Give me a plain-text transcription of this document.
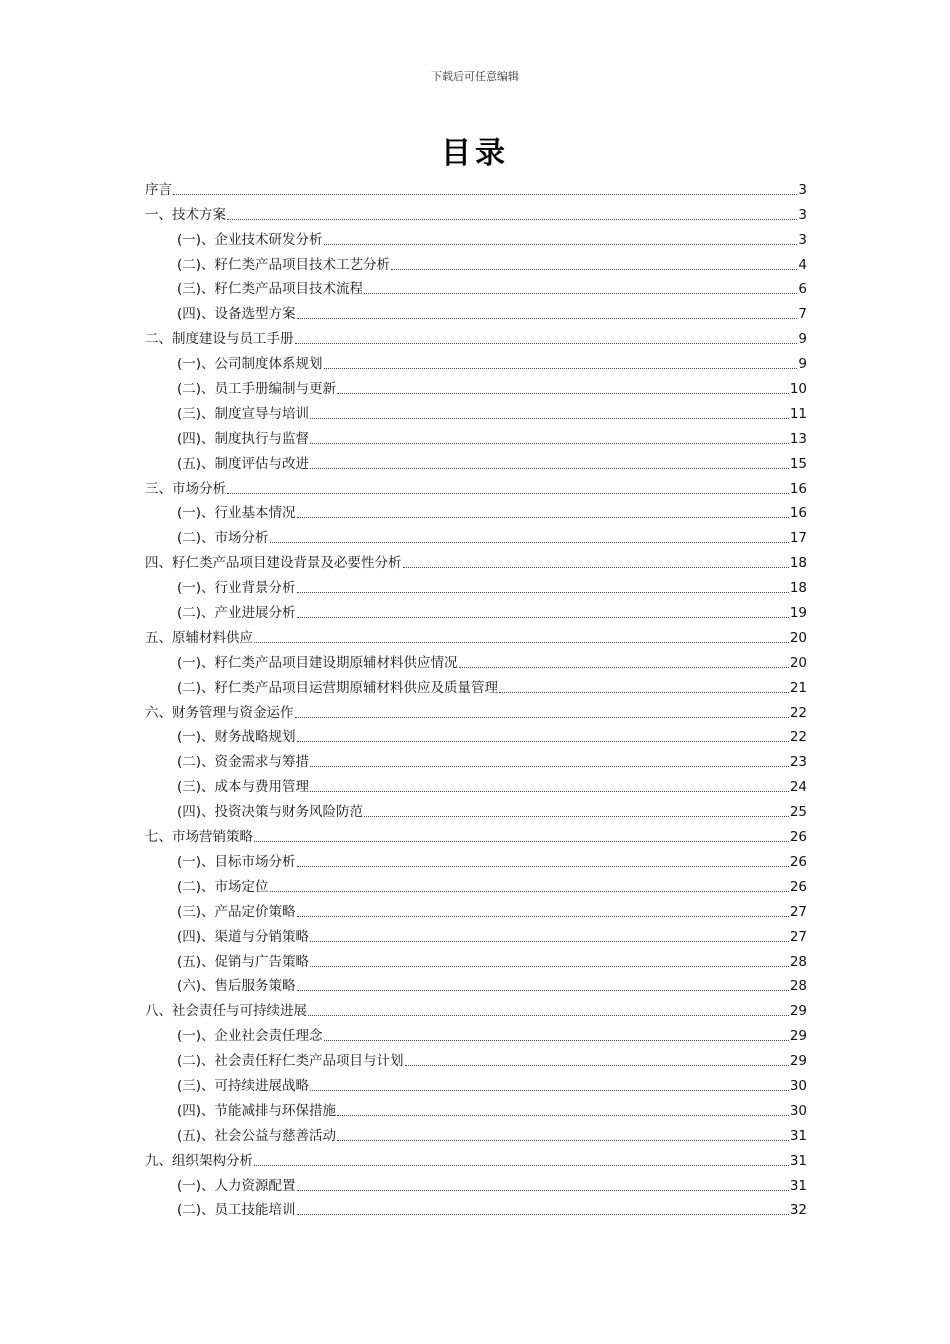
下载后可任意编辑
目录
序言	3
一、技术方案	3
(一)、企业技术研发分析	3
(二)、籽仁类产品项目技术工艺分析	4
(三)、籽仁类产品项目技术流程	6
(四)、设备选型方案	7
二、制度建设与员工手册	9
(一)、公司制度体系规划	9
(二)、员工手册编制与更新	10
(三)、制度宣导与培训	11
(四)、制度执行与监督	13
(五)、制度评估与改进	15
三、市场分析	16
(一)、行业基本情况	16
(二)、市场分析	17
四、籽仁类产品项目建设背景及必要性分析	18
(一)、行业背景分析	18
(二)、产业进展分析	19
五、原辅材料供应	20
(一)、籽仁类产品项目建设期原辅材料供应情况	20
(二)、籽仁类产品项目运营期原辅材料供应及质量管理	21
六、财务管理与资金运作	22
(一)、财务战略规划	22
(二)、资金需求与筹措	23
(三)、成本与费用管理	24
(四)、投资决策与财务风险防范	25
七、市场营销策略	26
(一)、目标市场分析	26
(二)、市场定位	26
(三)、产品定价策略	27
(四)、渠道与分销策略	27
(五)、促销与广告策略	28
(六)、售后服务策略	28
八、社会责任与可持续进展	29
(一)、企业社会责任理念	29
(二)、社会责任籽仁类产品项目与计划	29
(三)、可持续进展战略	30
(四)、节能减排与环保措施	30
(五)、社会公益与慈善活动	31
九、组织架构分析	31
(一)、人力资源配置	31
(二)、员工技能培训	32
